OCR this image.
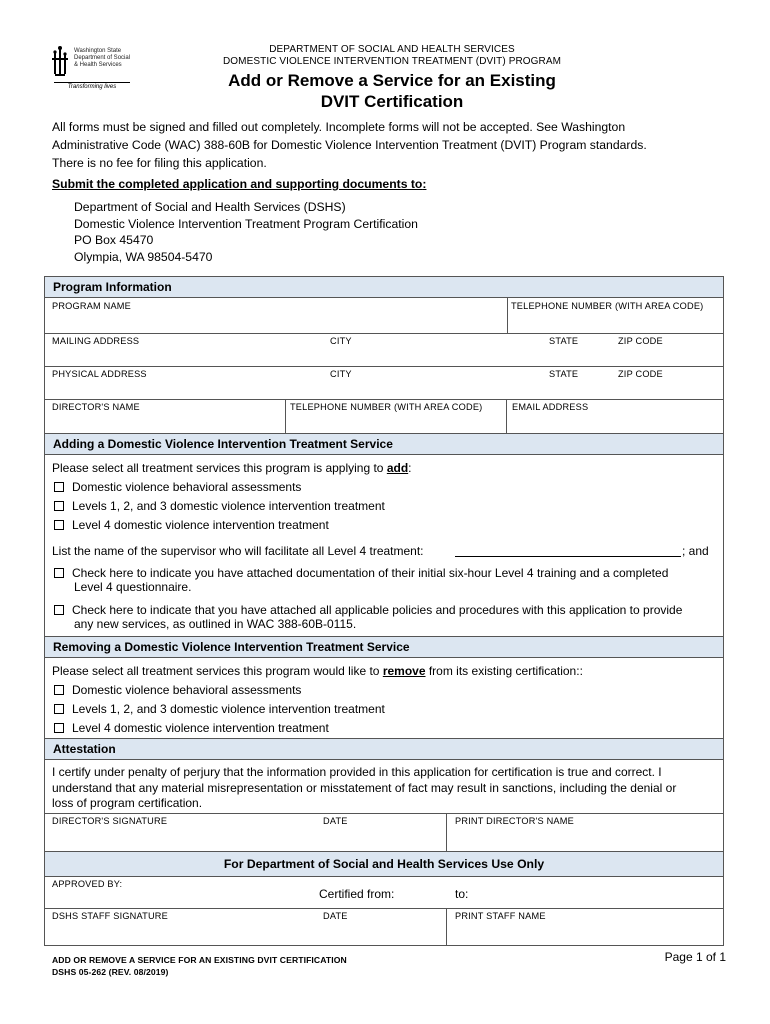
Washington State
Department of Social
& Health Services
Transforming lives
DEPARTMENT OF SOCIAL AND HEALTH SERVICES
DOMESTIC VIOLENCE INTERVENTION TREATMENT (DVIT) PROGRAM
Add or Remove a Service for an Existing
DVIT Certification
All forms must be signed and filled out completely. Incomplete forms will not be accepted. See Washington
Administrative Code (WAC) 388-60B for Domestic Violence Intervention Treatment (DVIT) Program standards.
There is no fee for filing this application.
Submit the completed application and supporting documents to:
Department of Social and Health Services (DSHS)
Domestic Violence Intervention Treatment Program Certification
PO Box 45470
Olympia, WA 98504-5470
Program Information
PROGRAM NAME	TELEPHONE NUMBER (WITH AREA CODE)
MAILING ADDRESS	CITY	STATE	ZIP CODE
PHYSICAL ADDRESS	CITY	STATE	ZIP CODE
DIRECTOR'S NAME	TELEPHONE NUMBER (WITH AREA CODE)	EMAIL ADDRESS
Adding a Domestic Violence Intervention Treatment Service
Please select all treatment services this program is applying to add:
Domestic violence behavioral assessments
Levels 1, 2, and 3 domestic violence intervention treatment
Level 4 domestic violence intervention treatment
List the name of the supervisor who will facilitate all Level 4 treatment:	; and
Check here to indicate you have attached documentation of their initial six-hour Level 4 training and a completed
Level 4 questionnaire.
Check here to indicate that you have attached all applicable policies and procedures with this application to provide
any new services, as outlined in WAC 388-60B-0115.
Removing a Domestic Violence Intervention Treatment Service
Please select all treatment services this program would like to remove from its existing certification::
Domestic violence behavioral assessments
Levels 1, 2, and 3 domestic violence intervention treatment
Level 4 domestic violence intervention treatment
Attestation
I certify under penalty of perjury that the information provided in this application for certification is true and correct. I
understand that any material misrepresentation or misstatement of fact may result in sanctions, including the denial or
loss of program certification.
DIRECTOR'S SIGNATURE	DATE	PRINT DIRECTOR'S NAME
For Department of Social and Health Services Use Only
APPROVED BY:
Certified from:	to:
DSHS STAFF SIGNATURE	DATE	PRINT STAFF NAME
ADD OR REMOVE A SERVICE FOR AN EXISTING DVIT CERTIFICATION
DSHS 05-262 (REV. 08/2019)
Page 1 of 1
